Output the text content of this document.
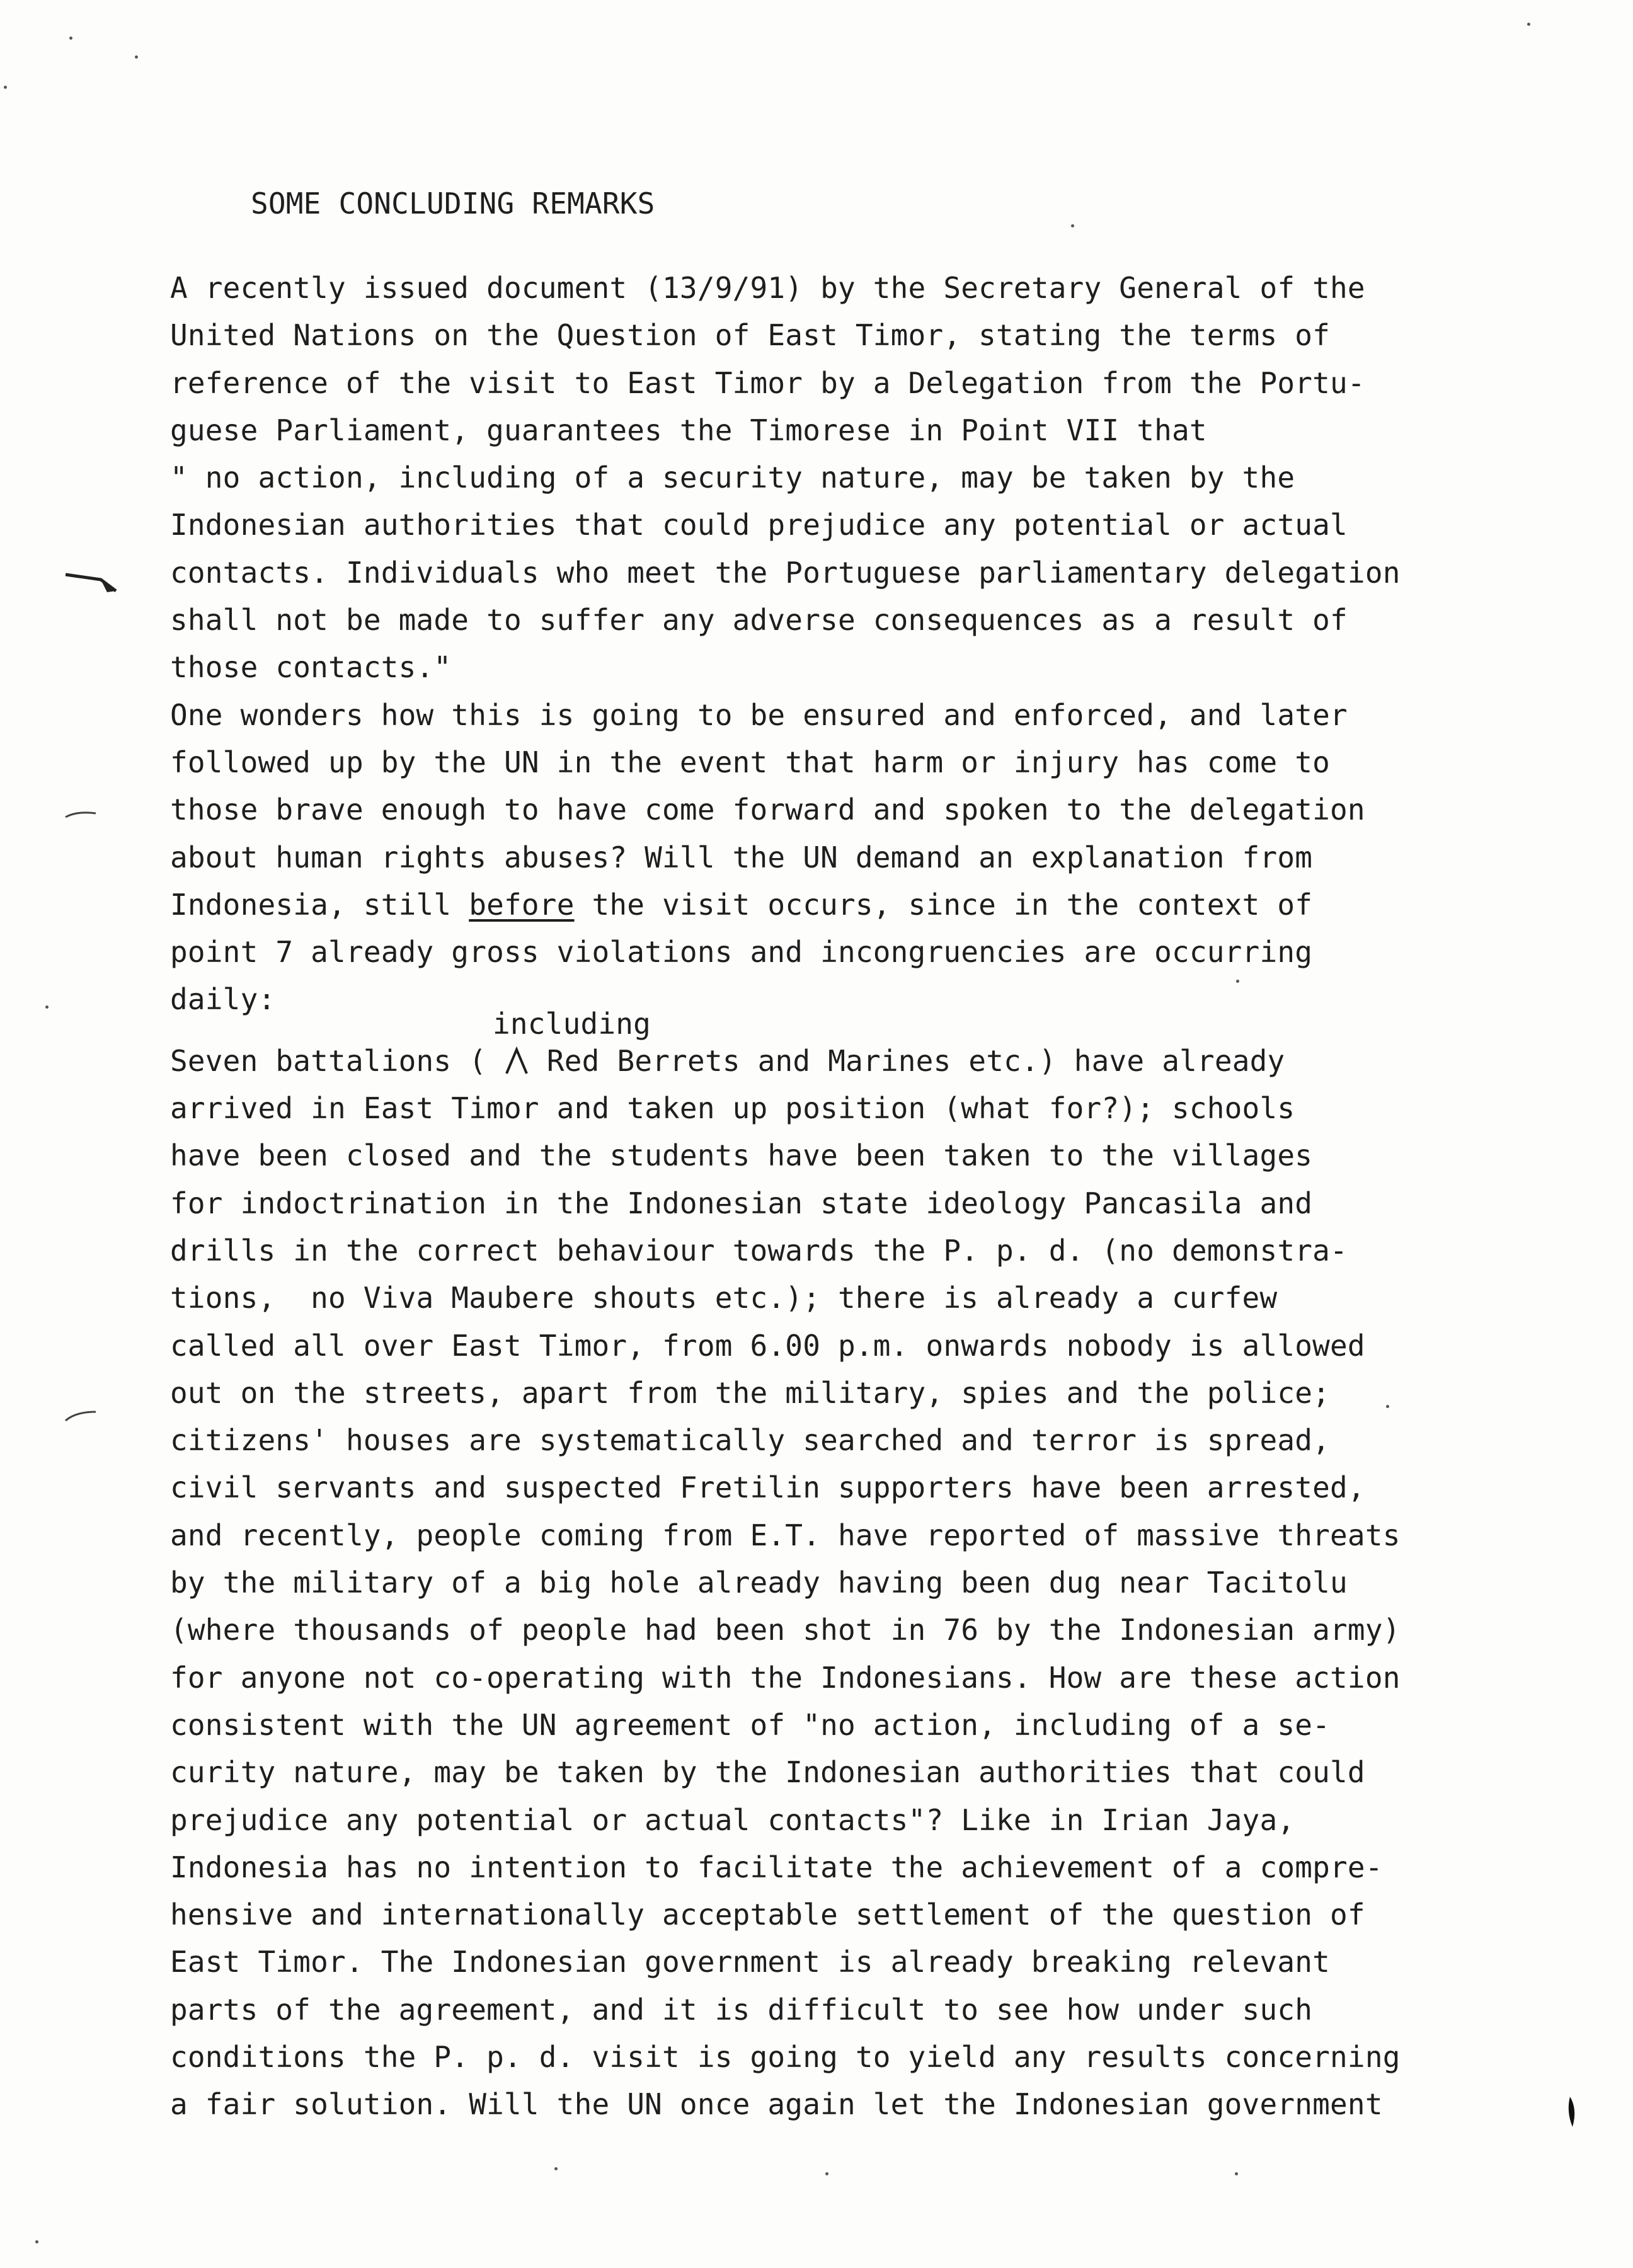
SOME CONCLUDING REMARKS
A recently issued document (13/9/91) by the Secretary General of the
United Nations on the Question of East Timor, stating the terms of
reference of the visit to East Timor by a Delegation from the Portu-
guese Parliament, guarantees the Timorese in Point VII that
" no action, including of a security nature, may be taken by the
Indonesian authorities that could prejudice any potential or actual
contacts. Individuals who meet the Portuguese parliamentary delegation
shall not be made to suffer any adverse consequences as a result of
those contacts."
One wonders how this is going to be ensured and enforced, and later
followed up by the UN in the event that harm or injury has come to
those brave enough to have come forward and spoken to the delegation
about human rights abuses? Will the UN demand an explanation from
Indonesia, still before the visit occurs, since in the context of
point 7 already gross violations and incongruencies are occurring
daily:
Seven battalions (  Red Berrets and Marines etc.) have already
arrived in East Timor and taken up position (what for?); schools
have been closed and the students have been taken to the villages
for indoctrination in the Indonesian state ideology Pancasila and
drills in the correct behaviour towards the P. p. d. (no demonstra-
tions,  no Viva Maubere shouts etc.); there is already a curfew
called all over East Timor, from 6.00 p.m. onwards nobody is allowed
out on the streets, apart from the military, spies and the police;
citizens' houses are systematically searched and terror is spread,
civil servants and suspected Fretilin supporters have been arrested,
and recently, people coming from E.T. have reported of massive threats
by the military of a big hole already having been dug near Tacitolu
(where thousands of people had been shot in 76 by the Indonesian army)
for anyone not co-operating with the Indonesians. How are these action
consistent with the UN agreement of "no action, including of a se-
curity nature, may be taken by the Indonesian authorities that could
prejudice any potential or actual contacts"? Like in Irian Jaya,
Indonesia has no intention to facilitate the achievement of a compre-
hensive and internationally acceptable settlement of the question of
East Timor. The Indonesian government is already breaking relevant
parts of the agreement, and it is difficult to see how under such
conditions the P. p. d. visit is going to yield any results concerning
a fair solution. Will the UN once again let the Indonesian government
including
